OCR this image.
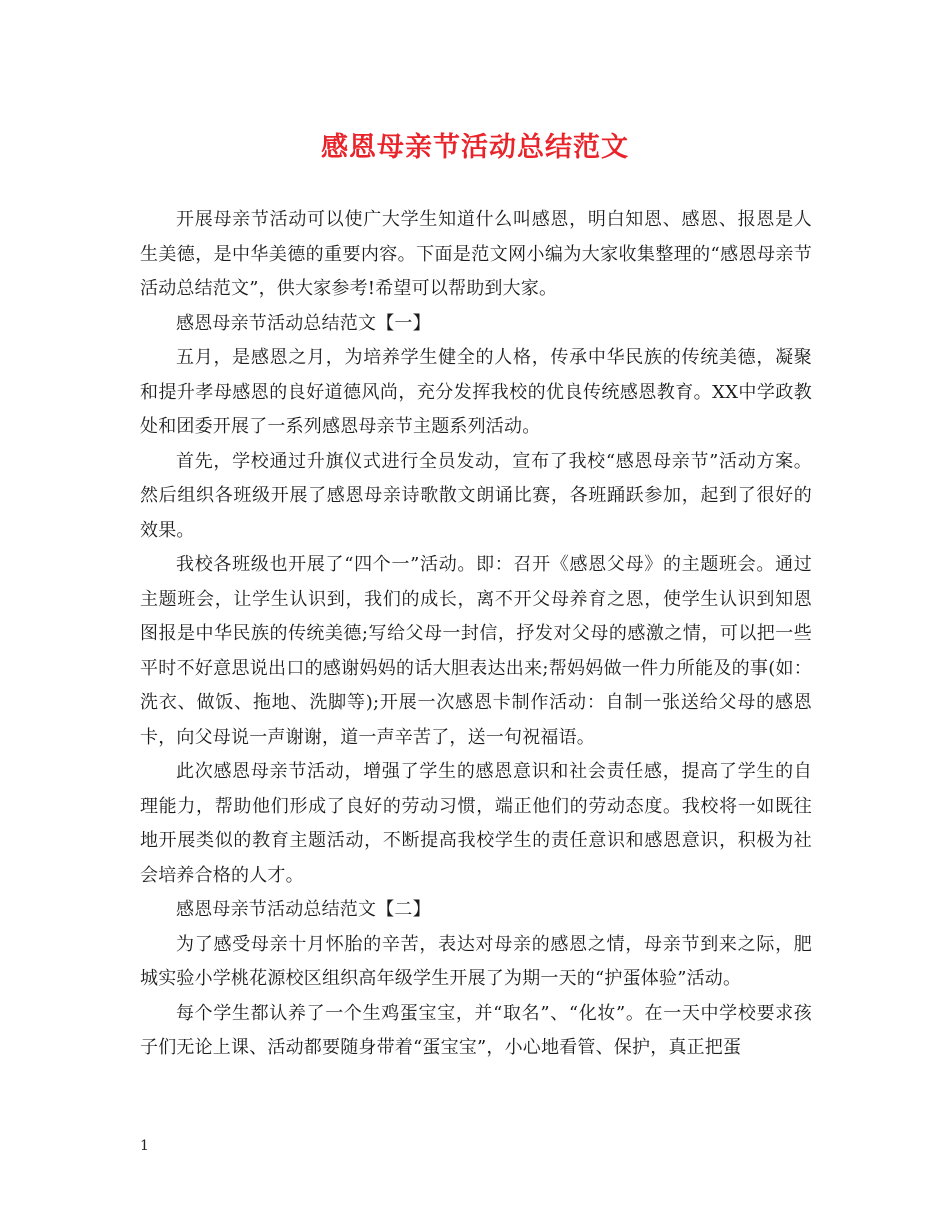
感恩母亲节活动总结范文

开展母亲节活动可以使广大学生知道什么叫感恩，明白知恩、感恩、报恩是人生美德，是中华美德的重要内容。下面是范文网小编为大家收集整理的“感恩母亲节活动总结范文”，供大家参考!希望可以帮助到大家。

感恩母亲节活动总结范文【一】

五月，是感恩之月，为培养学生健全的人格，传承中华民族的传统美德，凝聚和提升孝母感恩的良好道德风尚，充分发挥我校的优良传统感恩教育。XX中学政教处和团委开展了一系列感恩母亲节主题系列活动。

首先，学校通过升旗仪式进行全员发动，宣布了我校“感恩母亲节”活动方案。然后组织各班级开展了感恩母亲诗歌散文朗诵比赛，各班踊跃参加，起到了很好的效果。

我校各班级也开展了“四个一”活动。即：召开《感恩父母》的主题班会。通过主题班会，让学生认识到，我们的成长，离不开父母养育之恩，使学生认识到知恩图报是中华民族的传统美德;写给父母一封信，抒发对父母的感激之情，可以把一些平时不好意思说出口的感谢妈妈的话大胆表达出来;帮妈妈做一件力所能及的事(如：洗衣、做饭、拖地、洗脚等);开展一次感恩卡制作活动：自制一张送给父母的感恩卡，向父母说一声谢谢，道一声辛苦了，送一句祝福语。

此次感恩母亲节活动，增强了学生的感恩意识和社会责任感，提高了学生的自理能力，帮助他们形成了良好的劳动习惯，端正他们的劳动态度。我校将一如既往地开展类似的教育主题活动，不断提高我校学生的责任意识和感恩意识，积极为社会培养合格的人才。

感恩母亲节活动总结范文【二】

为了感受母亲十月怀胎的辛苦，表达对母亲的感恩之情，母亲节到来之际，肥城实验小学桃花源校区组织高年级学生开展了为期一天的“护蛋体验”活动。

每个学生都认养了一个生鸡蛋宝宝，并“取名”、“化妆”。在一天中学校要求孩子们无论上课、活动都要随身带着“蛋宝宝”，小心地看管、保护，真正把蛋

1
